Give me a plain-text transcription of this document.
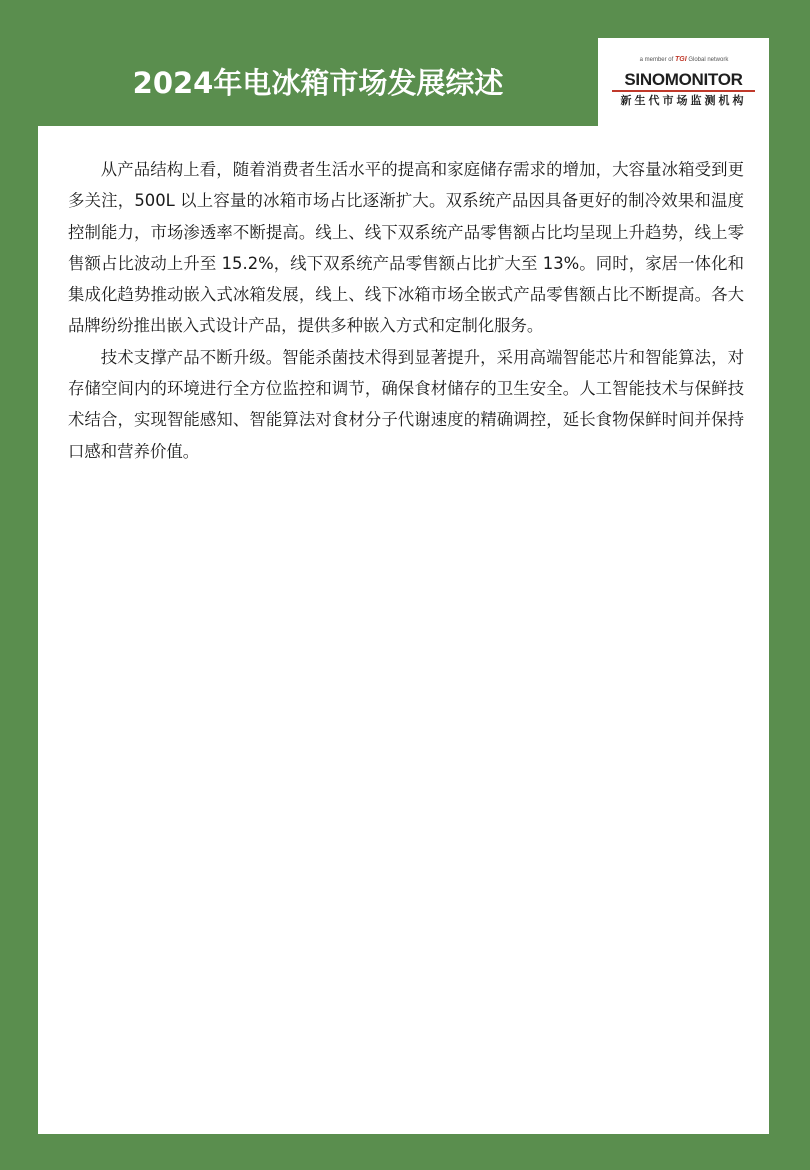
2024年电冰箱市场发展综述
a member of TGI Global network
SINOMONITOR
新生代市场监测机构

从产品结构上看，随着消费者生活水平的提高和家庭储存需求的增加，大容量冰箱受到更多关注，500L 以上容量的冰箱市场占比逐渐扩大。双系统产品因具备更好的制冷效果和温度控制能力，市场渗透率不断提高。线上、线下双系统产品零售额占比均呈现上升趋势，线上零售额占比波动上升至 15.2%，线下双系统产品零售额占比扩大至 13%。同时，家居一体化和集成化趋势推动嵌入式冰箱发展，线上、线下冰箱市场全嵌式产品零售额占比不断提高。各大品牌纷纷推出嵌入式设计产品，提供多种嵌入方式和定制化服务。

技术支撑产品不断升级。智能杀菌技术得到显著提升，采用高端智能芯片和智能算法，对存储空间内的环境进行全方位监控和调节，确保食材储存的卫生安全。人工智能技术与保鲜技术结合，实现智能感知、智能算法对食材分子代谢速度的精确调控，延长食物保鲜时间并保持口感和营养价值。
